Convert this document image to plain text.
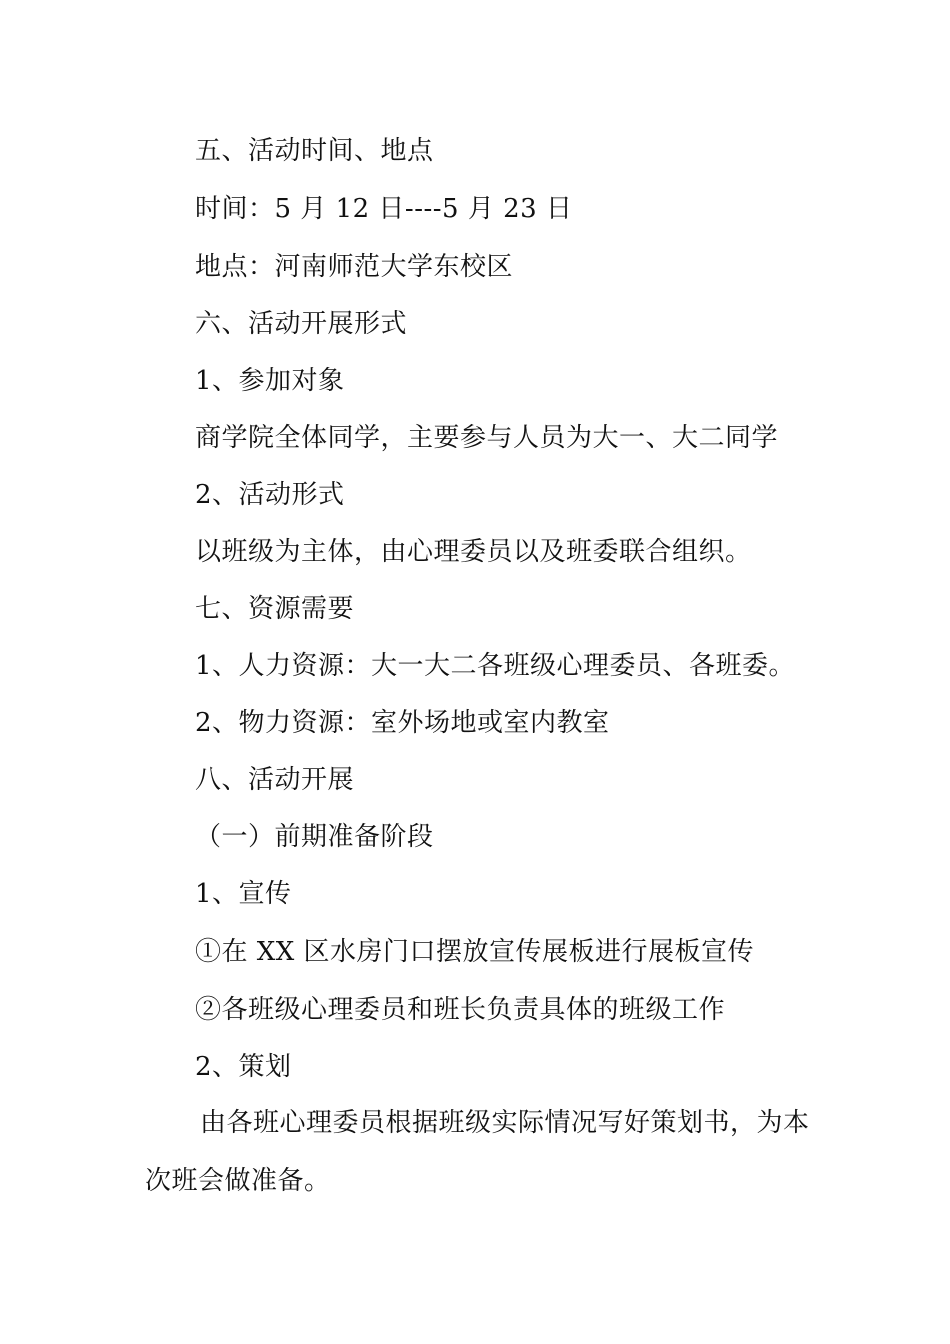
五、活动时间、地点
时间：5 月 12 日----5 月 23 日
地点：河南师范大学东校区
六、活动开展形式
1、参加对象
商学院全体同学，主要参与人员为大一、大二同学
2、活动形式
以班级为主体，由心理委员以及班委联合组织。
七、资源需要
1、人力资源：大一大二各班级心理委员、各班委。
2、物力资源：室外场地或室内教室
八、活动开展
（一）前期准备阶段
1、宣传
①在 XX 区水房门口摆放宣传展板进行展板宣传
②各班级心理委员和班长负责具体的班级工作
2、策划
由各班心理委员根据班级实际情况写好策划书，为本次班会做准备。
